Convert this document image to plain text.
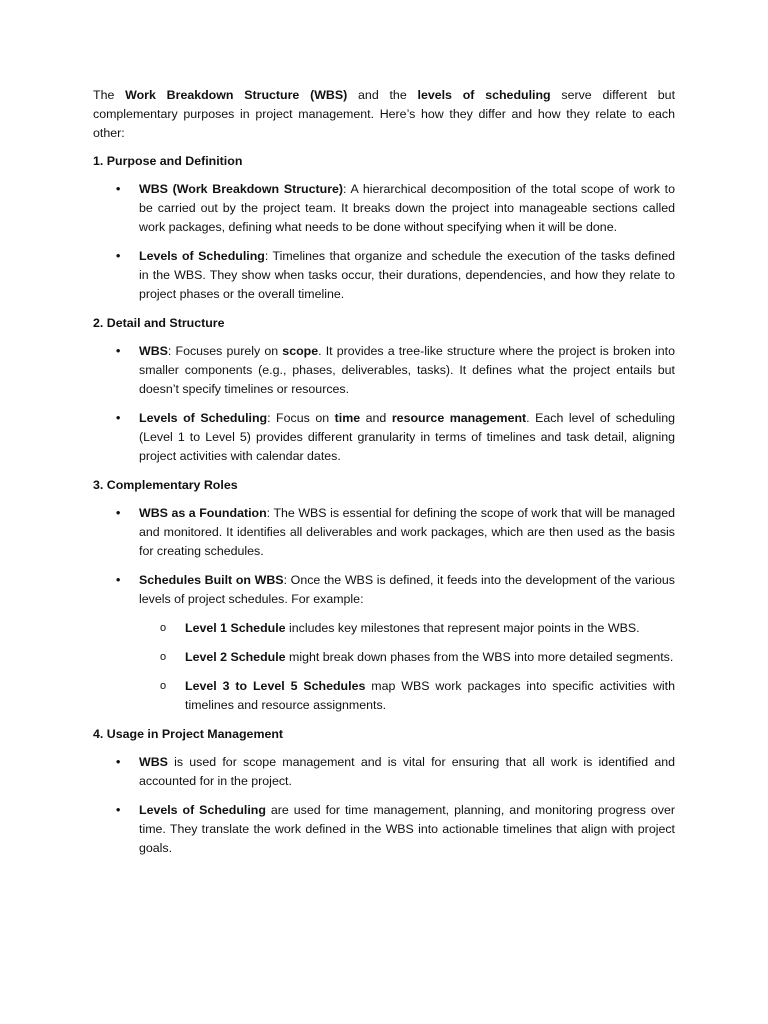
The Work Breakdown Structure (WBS) and the levels of scheduling serve different but complementary purposes in project management. Here’s how they differ and how they relate to each other:

1. Purpose and Definition

• WBS (Work Breakdown Structure): A hierarchical decomposition of the total scope of work to be carried out by the project team. It breaks down the project into manageable sections called work packages, defining what needs to be done without specifying when it will be done.
• Levels of Scheduling: Timelines that organize and schedule the execution of the tasks defined in the WBS. They show when tasks occur, their durations, dependencies, and how they relate to project phases or the overall timeline.

2. Detail and Structure

• WBS: Focuses purely on scope. It provides a tree-like structure where the project is broken into smaller components (e.g., phases, deliverables, tasks). It defines what the project entails but doesn’t specify timelines or resources.
• Levels of Scheduling: Focus on time and resource management. Each level of scheduling (Level 1 to Level 5) provides different granularity in terms of timelines and task detail, aligning project activities with calendar dates.

3. Complementary Roles

• WBS as a Foundation: The WBS is essential for defining the scope of work that will be managed and monitored. It identifies all deliverables and work packages, which are then used as the basis for creating schedules.
• Schedules Built on WBS: Once the WBS is defined, it feeds into the development of the various levels of project schedules. For example:
o Level 1 Schedule includes key milestones that represent major points in the WBS.
o Level 2 Schedule might break down phases from the WBS into more detailed segments.
o Level 3 to Level 5 Schedules map WBS work packages into specific activities with timelines and resource assignments.

4. Usage in Project Management

• WBS is used for scope management and is vital for ensuring that all work is identified and accounted for in the project.
• Levels of Scheduling are used for time management, planning, and monitoring progress over time. They translate the work defined in the WBS into actionable timelines that align with project goals.
